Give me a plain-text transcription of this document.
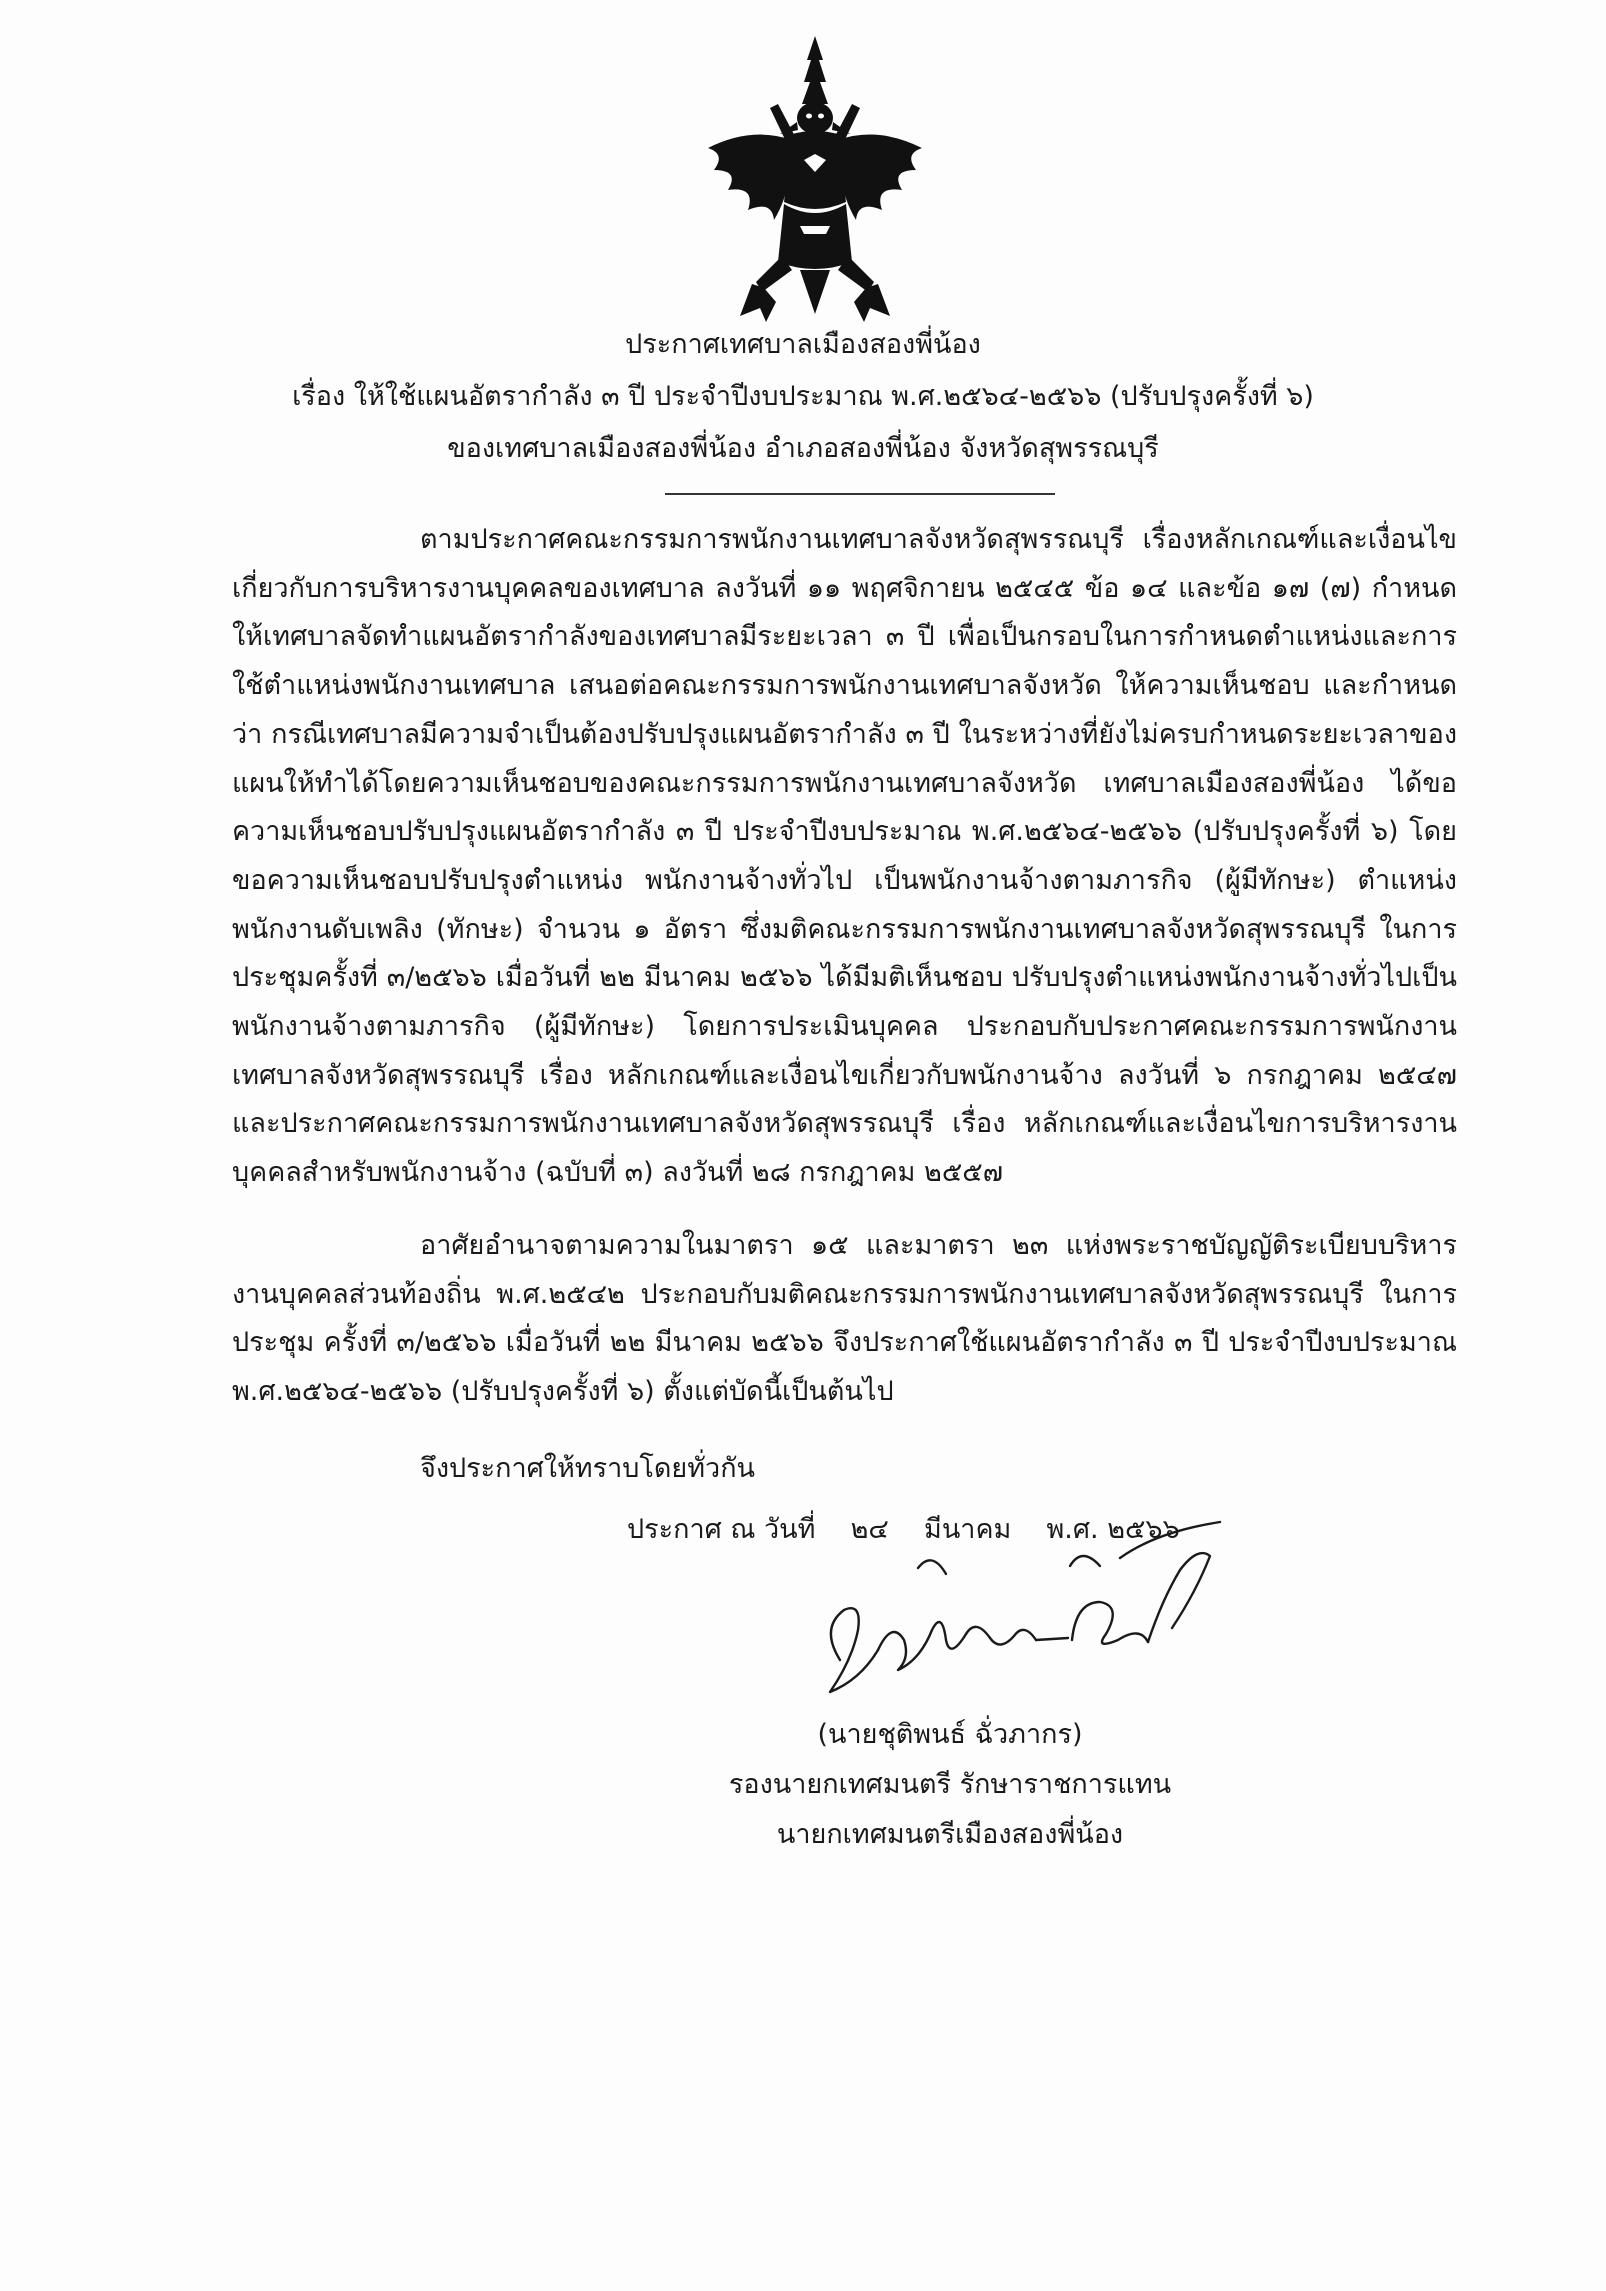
ประกาศเทศบาลเมืองสองพี่น้อง
เรื่อง ให้ใช้แผนอัตรากำลัง ๓ ปี ประจำปีงบประมาณ พ.ศ.๒๕๖๔-๒๕๖๖ (ปรับปรุงครั้งที่ ๖)
ของเทศบาลเมืองสองพี่น้อง อำเภอสองพี่น้อง จังหวัดสุพรรณบุรี

ตามประกาศคณะกรรมการพนักงานเทศบาลจังหวัดสุพรรณบุรี เรื่องหลักเกณฑ์และเงื่อนไขเกี่ยวกับการบริหารงานบุคคลของเทศบาล ลงวันที่ ๑๑ พฤศจิกายน ๒๕๔๕ ข้อ ๑๔ และข้อ ๑๗ (๗) กำหนดให้เทศบาลจัดทำแผนอัตรากำลังของเทศบาลมีระยะเวลา ๓ ปี เพื่อเป็นกรอบในการกำหนดตำแหน่งและการใช้ตำแหน่งพนักงานเทศบาล เสนอต่อคณะกรรมการพนักงานเทศบาลจังหวัด ให้ความเห็นชอบ และกำหนดว่า กรณีเทศบาลมีความจำเป็นต้องปรับปรุงแผนอัตรากำลัง ๓ ปี ในระหว่างที่ยังไม่ครบกำหนดระยะเวลาของแผนให้ทำได้โดยความเห็นชอบของคณะกรรมการพนักงานเทศบาลจังหวัด เทศบาลเมืองสองพี่น้อง ได้ขอความเห็นชอบปรับปรุงแผนอัตรากำลัง ๓ ปี ประจำปีงบประมาณ พ.ศ.๒๕๖๔-๒๕๖๖ (ปรับปรุงครั้งที่ ๖) โดยขอความเห็นชอบปรับปรุงตำแหน่ง พนักงานจ้างทั่วไป เป็นพนักงานจ้างตามภารกิจ (ผู้มีทักษะ) ตำแหน่งพนักงานดับเพลิง (ทักษะ) จำนวน ๑ อัตรา ซึ่งมติคณะกรรมการพนักงานเทศบาลจังหวัดสุพรรณบุรี ในการประชุมครั้งที่ ๓/๒๕๖๖ เมื่อวันที่ ๒๒ มีนาคม ๒๕๖๖ ได้มีมติเห็นชอบ ปรับปรุงตำแหน่งพนักงานจ้างทั่วไปเป็นพนักงานจ้างตามภารกิจ (ผู้มีทักษะ) โดยการประเมินบุคคล ประกอบกับประกาศคณะกรรมการพนักงานเทศบาลจังหวัดสุพรรณบุรี เรื่อง หลักเกณฑ์และเงื่อนไขเกี่ยวกับพนักงานจ้าง ลงวันที่ ๖ กรกฎาคม ๒๕๔๗ และประกาศคณะกรรมการพนักงานเทศบาลจังหวัดสุพรรณบุรี เรื่อง หลักเกณฑ์และเงื่อนไขการบริหารงานบุคคลสำหรับพนักงานจ้าง (ฉบับที่ ๓) ลงวันที่ ๒๘ กรกฎาคม ๒๕๕๗

อาศัยอำนาจตามความในมาตรา ๑๕ และมาตรา ๒๓ แห่งพระราชบัญญัติระเบียบบริหารงานบุคคลส่วนท้องถิ่น พ.ศ.๒๕๔๒ ประกอบกับมติคณะกรรมการพนักงานเทศบาลจังหวัดสุพรรณบุรี ในการประชุม ครั้งที่ ๓/๒๕๖๖ เมื่อวันที่ ๒๒ มีนาคม ๒๕๖๖ จึงประกาศใช้แผนอัตรากำลัง ๓ ปี ประจำปีงบประมาณ พ.ศ.๒๕๖๔-๒๕๖๖ (ปรับปรุงครั้งที่ ๖) ตั้งแต่บัดนี้เป็นต้นไป

จึงประกาศให้ทราบโดยทั่วกัน
ประกาศ ณ วันที่ ๒๔ มีนาคม พ.ศ. ๒๕๖๖
(นายชุติพนธ์ ฉั่วภากร)
รองนายกเทศมนตรี รักษาราชการแทน
นายกเทศมนตรีเมืองสองพี่น้อง
